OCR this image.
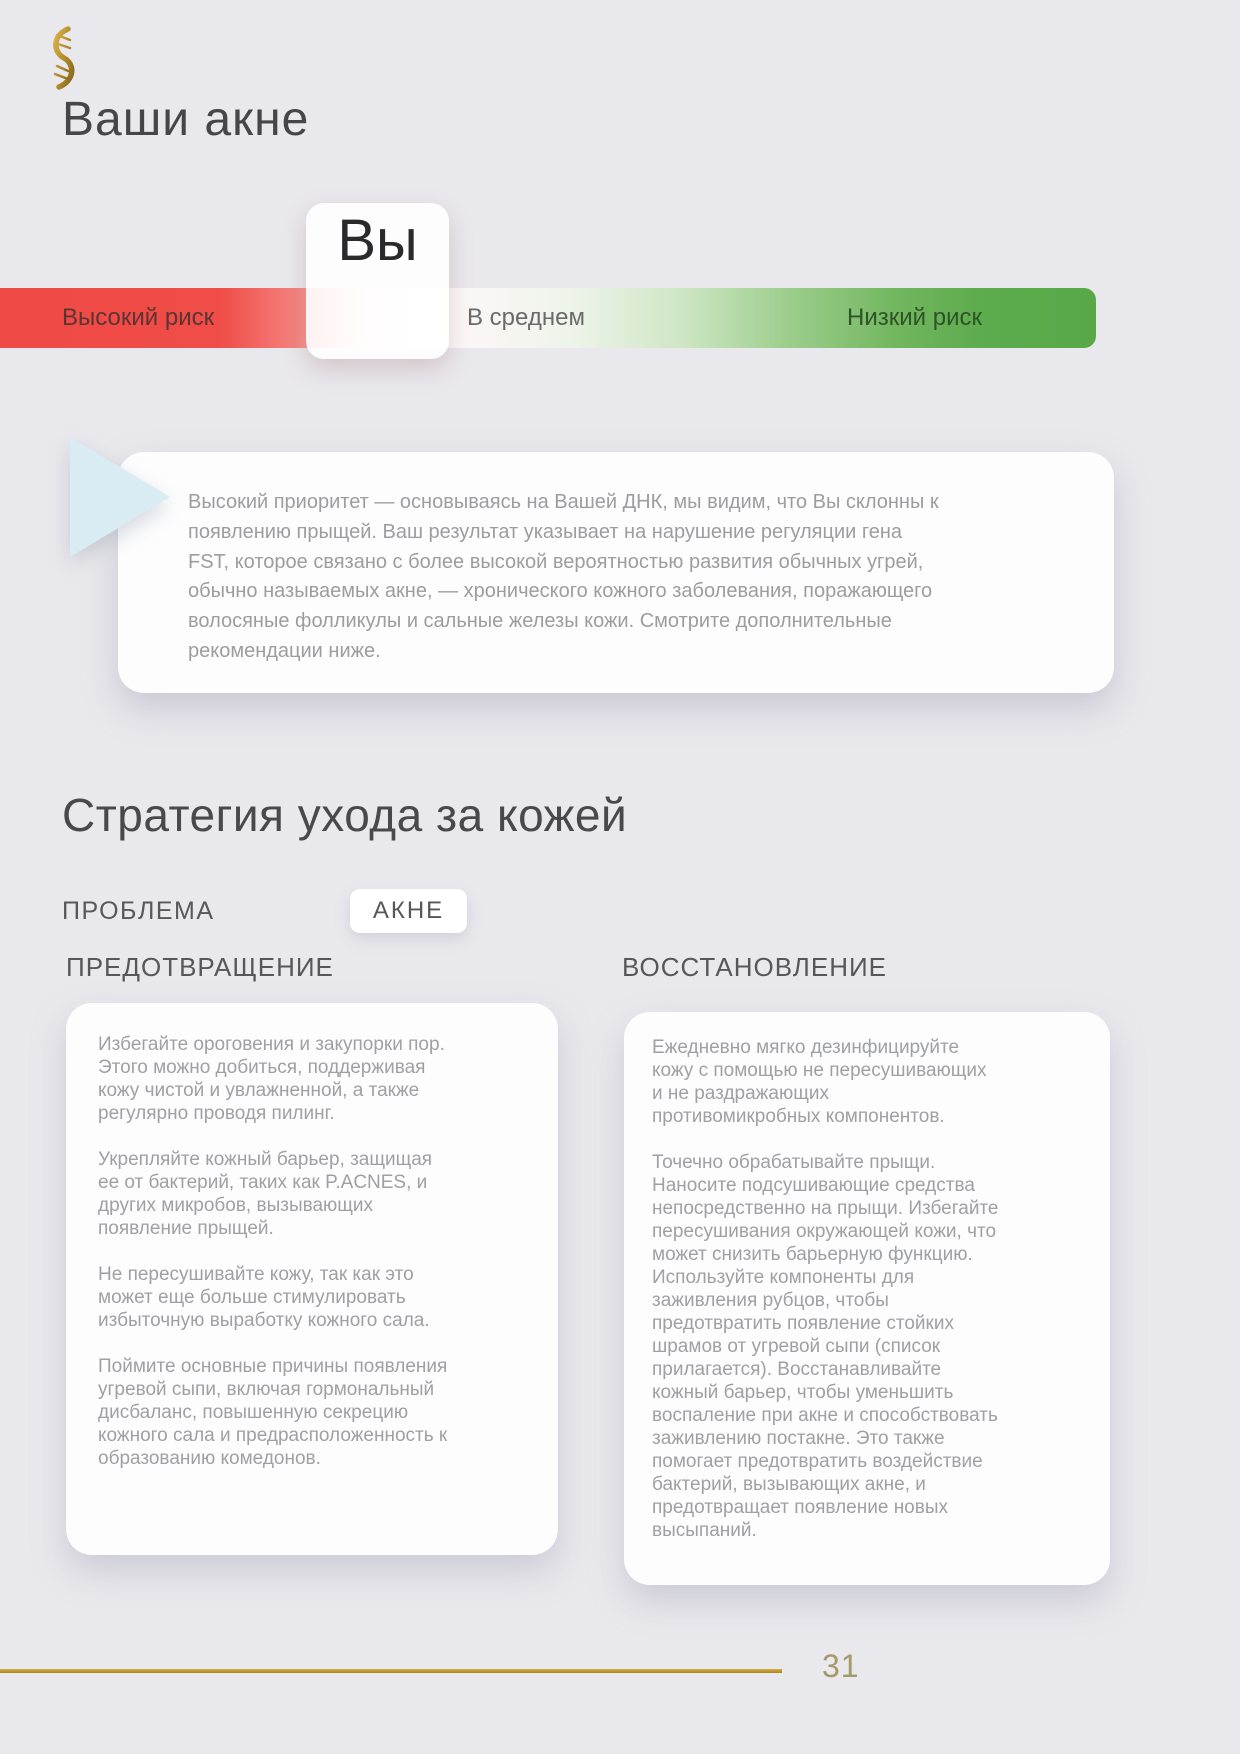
Ваши акне
Высокий риск	В среднем	Низкий риск
Вы
Высокий приоритет — основываясь на Вашей ДНК, мы видим, что Вы склонны к появлению прыщей. Ваш результат указывает на нарушение регуляции гена FST, которое связано с более высокой вероятностью развития обычных угрей, обычно называемых акне, — хронического кожного заболевания, поражающего волосяные фолликулы и сальные железы кожи. Смотрите дополнительные рекомендации ниже.
Стратегия ухода за кожей
ПРОБЛЕМА	АКНЕ
ПРЕДОТВРАЩЕНИЕ	ВОССТАНОВЛЕНИЕ

Избегайте ороговения и закупорки пор. Этого можно добиться, поддерживая кожу чистой и увлажненной, а также регулярно проводя пилинг.

Укрепляйте кожный барьер, защищая ее от бактерий, таких как P.ACNES, и других микробов, вызывающих появление прыщей.

Не пересушивайте кожу, так как это может еще больше стимулировать избыточную выработку кожного сала.

Поймите основные причины появления угревой сыпи, включая гормональный дисбаланс, повышенную секрецию кожного сала и предрасположенность к образованию комедонов.

Ежедневно мягко дезинфицируйте кожу с помощью не пересушивающих и не раздражающих противомикробных компонентов.

Точечно обрабатывайте прыщи. Наносите подсушивающие средства непосредственно на прыщи. Избегайте пересушивания окружающей кожи, что может снизить барьерную функцию. Используйте компоненты для заживления рубцов, чтобы предотвратить появление стойких шрамов от угревой сыпи (список прилагается). Восстанавливайте кожный барьер, чтобы уменьшить воспаление при акне и способствовать заживлению постакне. Это также помогает предотвратить воздействие бактерий, вызывающих акне, и предотвращает появление новых высыпаний.

31
